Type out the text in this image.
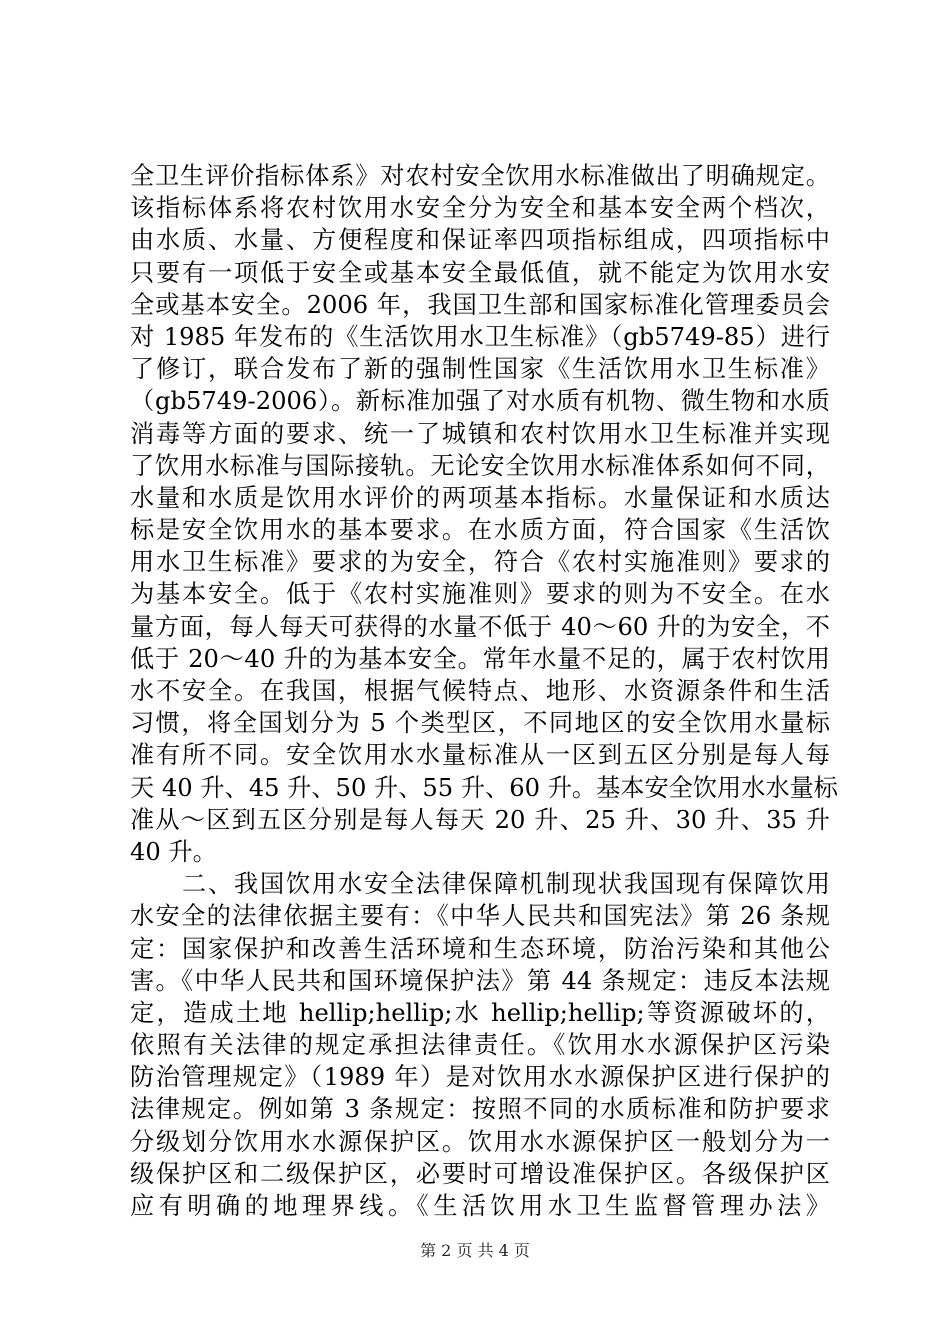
全卫生评价指标体系》对农村安全饮用水标准做出了明确规定。
该指标体系将农村饮用水安全分为安全和基本安全两个档次，
由水质、水量、方便程度和保证率四项指标组成，四项指标中
只要有一项低于安全或基本安全最低值，就不能定为饮用水安
全或基本安全。2006 年，我国卫生部和国家标准化管理委员会
对 1985 年发布的《生活饮用水卫生标准》（gb5749-85）进行
了修订，联合发布了新的强制性国家《生活饮用水卫生标准》
（gb5749-2006）。新标准加强了对水质有机物、微生物和水质
消毒等方面的要求、统一了城镇和农村饮用水卫生标准并实现
了饮用水标准与国际接轨。无论安全饮用水标准体系如何不同，
水量和水质是饮用水评价的两项基本指标。水量保证和水质达
标是安全饮用水的基本要求。在水质方面，符合国家《生活饮
用水卫生标准》要求的为安全，符合《农村实施准则》要求的
为基本安全。低于《农村实施准则》要求的则为不安全。在水
量方面，每人每天可获得的水量不低于 40～60 升的为安全，不
低于 20～40 升的为基本安全。常年水量不足的，属于农村饮用
水不安全。在我国，根据气候特点、地形、水资源条件和生活
习惯，将全国划分为 5 个类型区，不同地区的安全饮用水量标
准有所不同。安全饮用水水量标准从一区到五区分别是每人每
天 40 升、45 升、50 升、55 升、60 升。基本安全饮用水水量标
准从～区到五区分别是每人每天 20 升、25 升、30 升、35 升
40 升。
二、我国饮用水安全法律保障机制现状我国现有保障饮用
水安全的法律依据主要有：《中华人民共和国宪法》第 26 条规
定：国家保护和改善生活环境和生态环境，防治污染和其他公
害。《中华人民共和国环境保护法》第 44 条规定：违反本法规
定，造成土地 hellip;hellip;水 hellip;hellip;等资源破坏的，
依照有关法律的规定承担法律责任。《饮用水水源保护区污染
防治管理规定》（1989 年）是对饮用水水源保护区进行保护的
法律规定。例如第 3 条规定：按照不同的水质标准和防护要求
分级划分饮用水水源保护区。饮用水水源保护区一般划分为一
级保护区和二级保护区，必要时可增设准保护区。各级保护区
应有明确的地理界线。《生活饮用水卫生监督管理办法》
第 2 页 共 4 页
